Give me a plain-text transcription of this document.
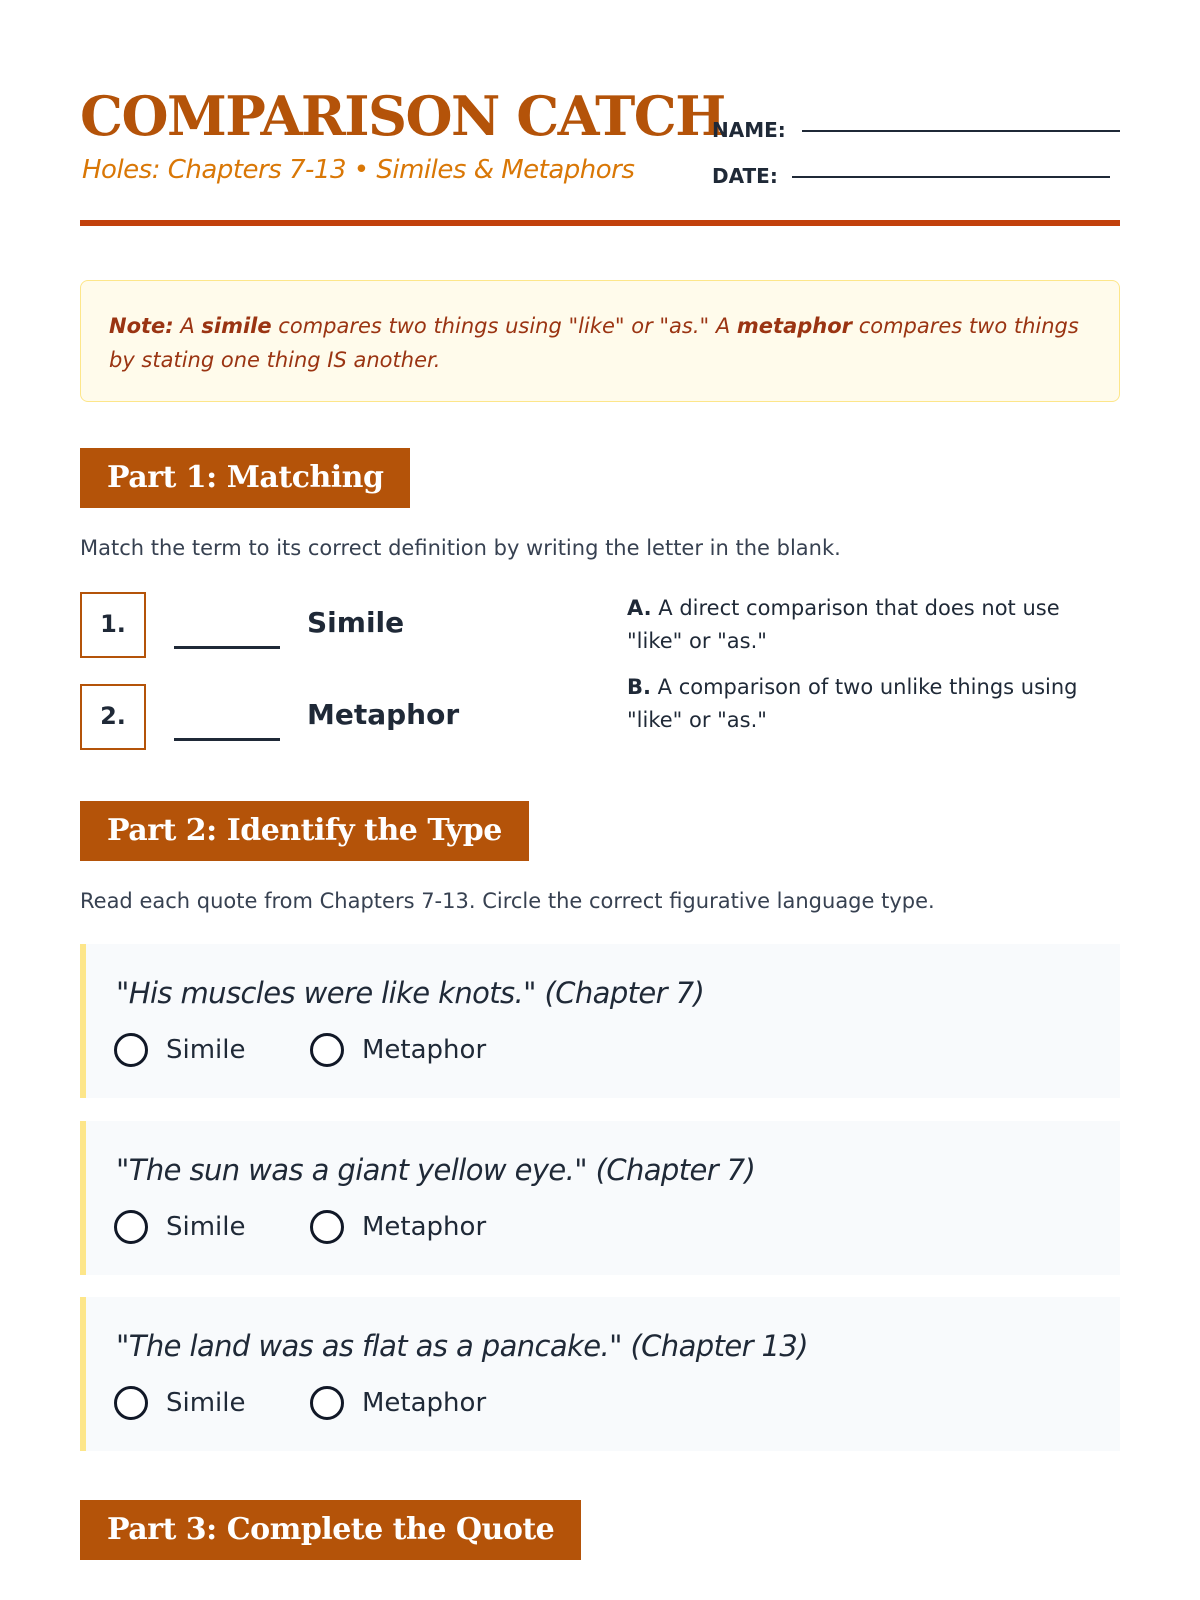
COMPARISON CATCH
Holes: Chapters 7-13 • Similes & Metaphors
NAME:
DATE:
Note: A simile compares two things using "like" or "as." A metaphor compares two things by stating one thing IS another.
Part 1: Matching
Match the term to its correct definition by writing the letter in the blank.
1.	Simile
2.	Metaphor
A. A direct comparison that does not use "like" or "as."
B. A comparison of two unlike things using "like" or "as."
Part 2: Identify the Type
Read each quote from Chapters 7-13. Circle the correct figurative language type.
"His muscles were like knots." (Chapter 7)
Simile	Metaphor
"The sun was a giant yellow eye." (Chapter 7)
Simile	Metaphor
"The land was as flat as a pancake." (Chapter 13)
Simile	Metaphor
Part 3: Complete the Quote
